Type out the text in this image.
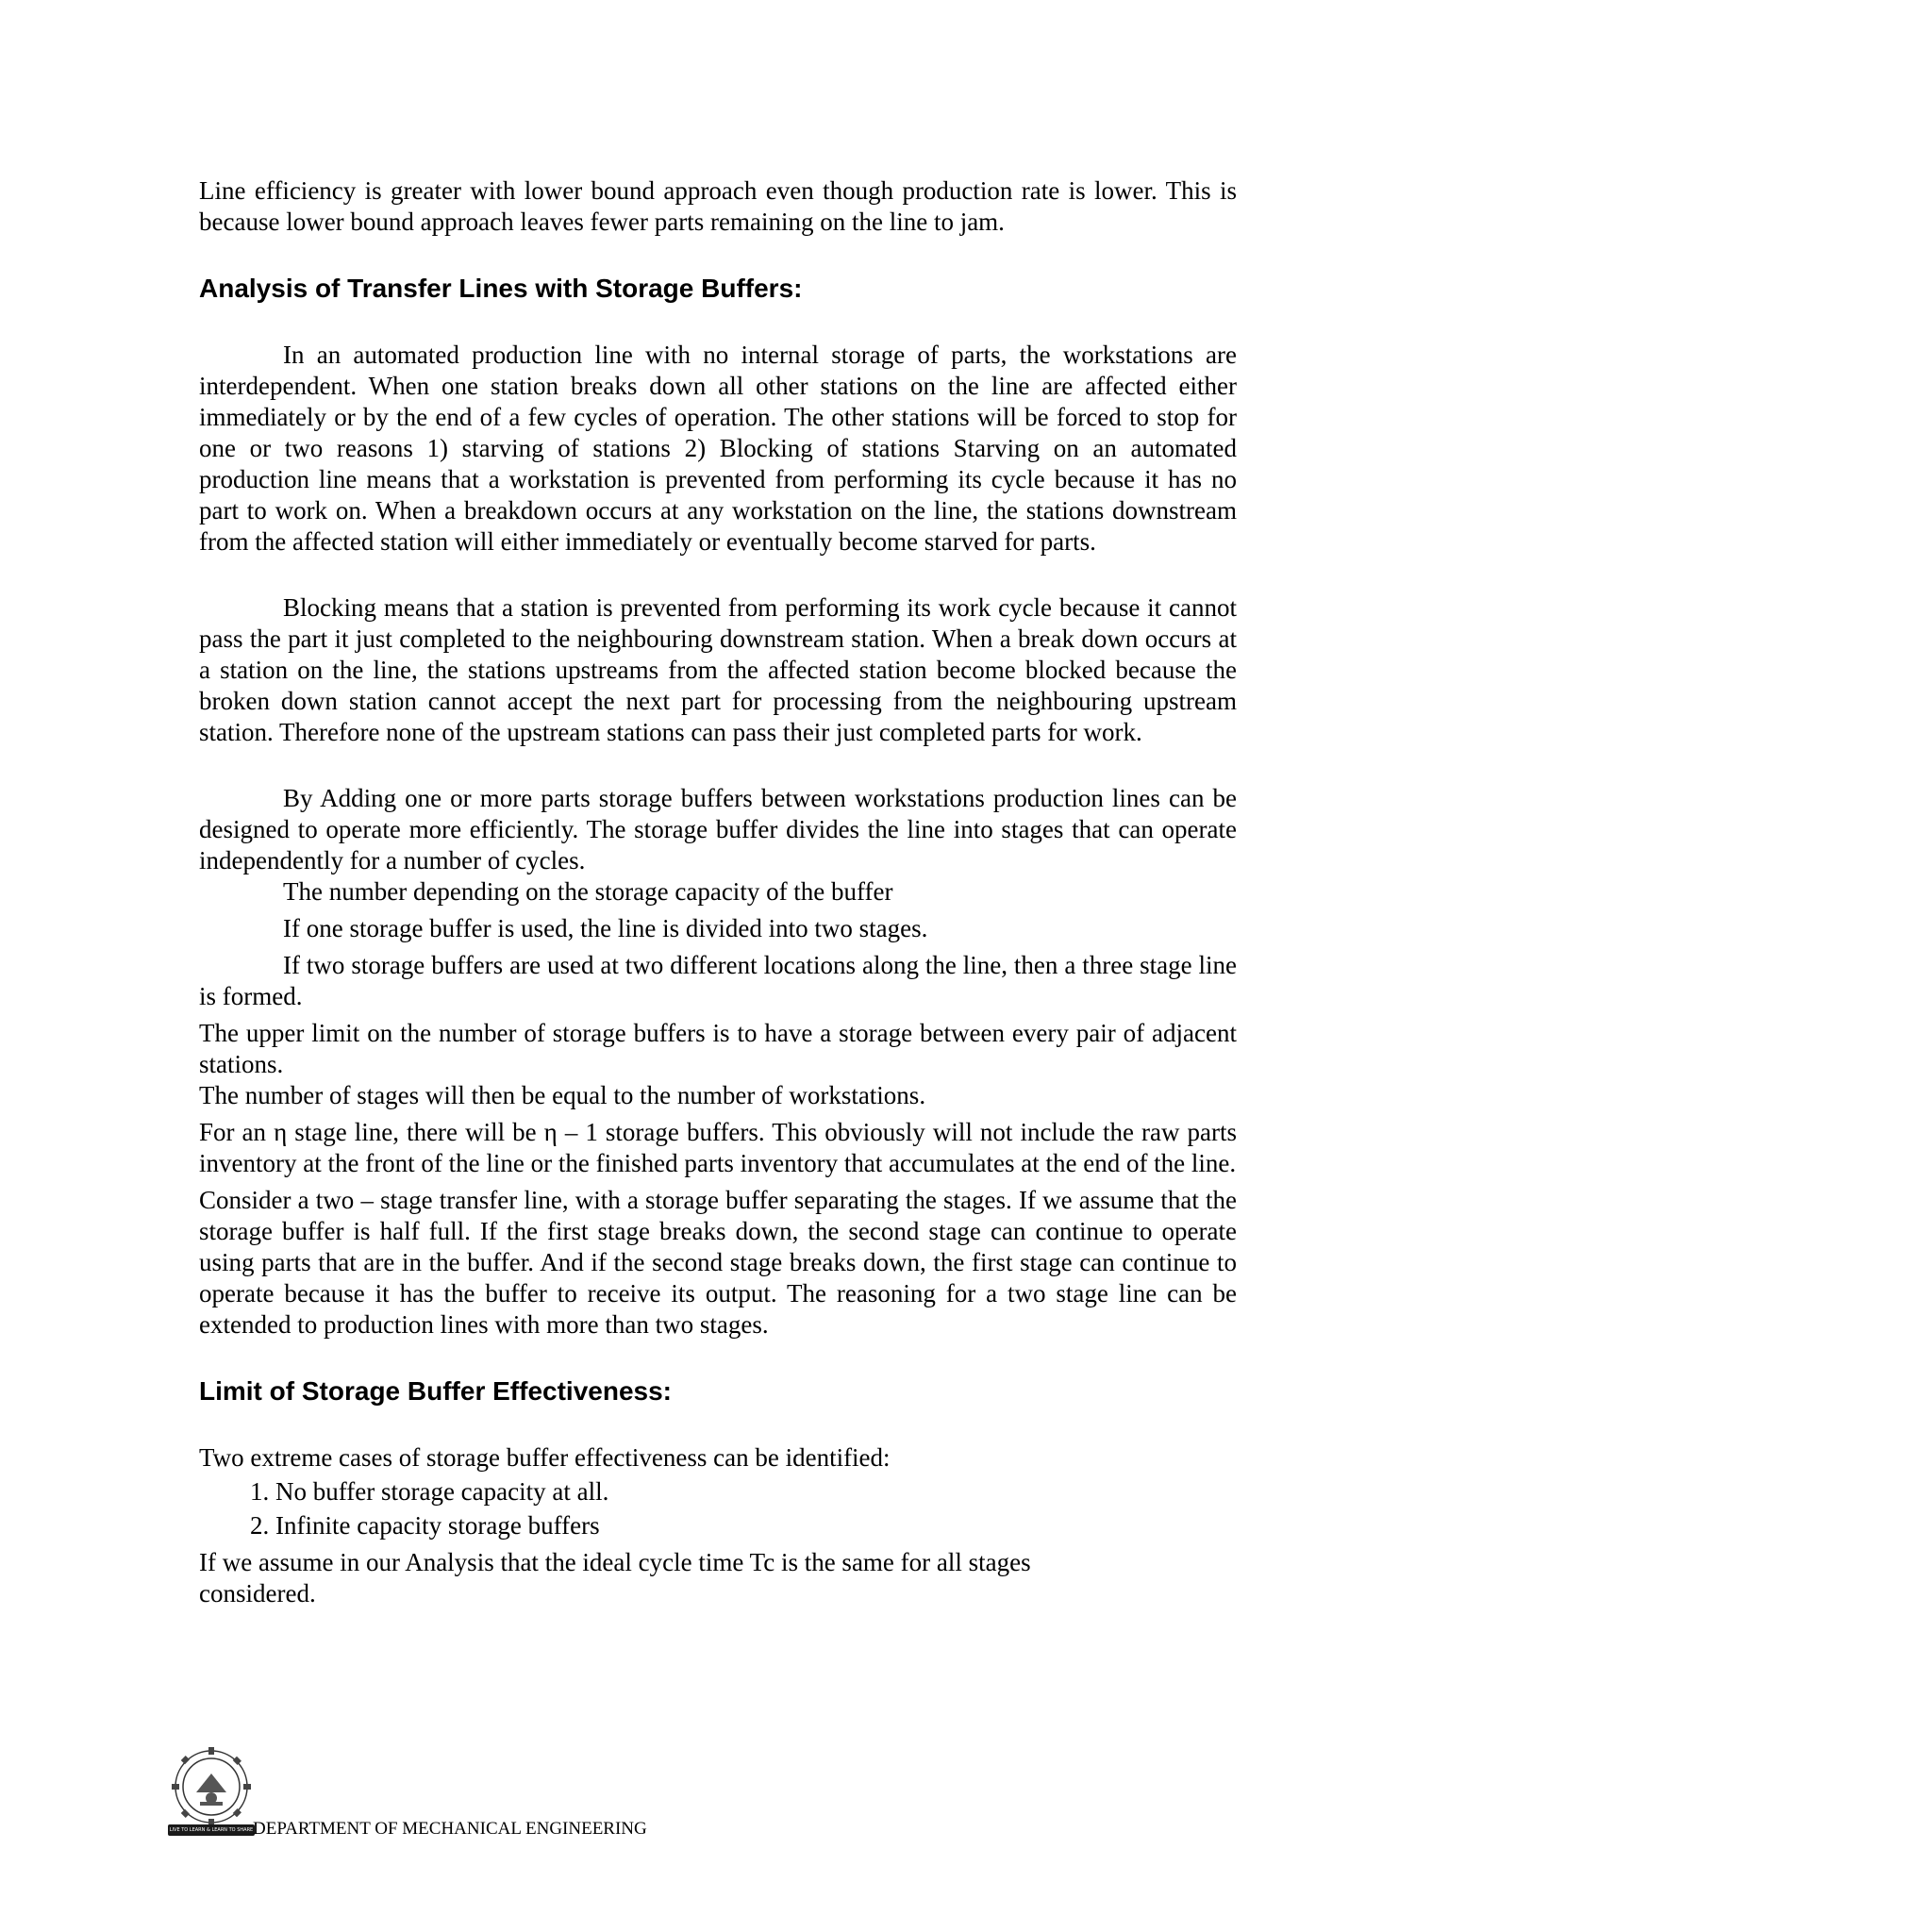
Line efficiency is greater with lower bound approach even though production rate is lower. This is because lower bound approach leaves fewer parts remaining on the line to jam.

Analysis of Transfer Lines with Storage Buffers:

In an automated production line with no internal storage of parts, the workstations are interdependent. When one station breaks down all other stations on the line are affected either immediately or by the end of a few cycles of operation. The other stations will be forced to stop for one or two reasons 1) starving of stations 2) Blocking of stations Starving on an automated production line means that a workstation is prevented from performing its cycle because it has no part to work on. When a breakdown occurs at any workstation on the line, the stations downstream from the affected station will either immediately or eventually become starved for parts.

Blocking means that a station is prevented from performing its work cycle because it cannot pass the part it just completed to the neighbouring downstream station. When a break down occurs at a station on the line, the stations upstreams from the affected station become blocked because the broken down station cannot accept the next part for processing from the neighbouring upstream station. Therefore none of the upstream stations can pass their just completed parts for work.

By Adding one or more parts storage buffers between workstations production lines can be designed to operate more efficiently. The storage buffer divides the line into stages that can operate independently for a number of cycles.

The number depending on the storage capacity of the buffer

If one storage buffer is used, the line is divided into two stages.

If two storage buffers are used at two different locations along the line, then a three stage line is formed.

The upper limit on the number of storage buffers is to have a storage between every pair of adjacent stations.

The number of stages will then be equal to the number of workstations.

For an η stage line, there will be η – 1 storage buffers. This obviously will not include the raw parts inventory at the front of the line or the finished parts inventory that accumulates at the end of the line.

Consider a two – stage transfer line, with a storage buffer separating the stages. If we assume that the storage buffer is half full. If the first stage breaks down, the second stage can continue to operate using parts that are in the buffer. And if the second stage breaks down, the first stage can continue to operate because it has the buffer to receive its output. The reasoning for a two stage line can be extended to production lines with more than two stages.

Limit of Storage Buffer Effectiveness:

Two extreme cases of storage buffer effectiveness can be identified:

1. No buffer storage capacity at all.
2. Infinite capacity storage buffers

If we assume in our Analysis that the ideal cycle time Tc is the same for all stages considered.

LIVE TO LEARN & LEARN TO SHARE DEPARTMENT OF MECHANICAL ENGINEERING
